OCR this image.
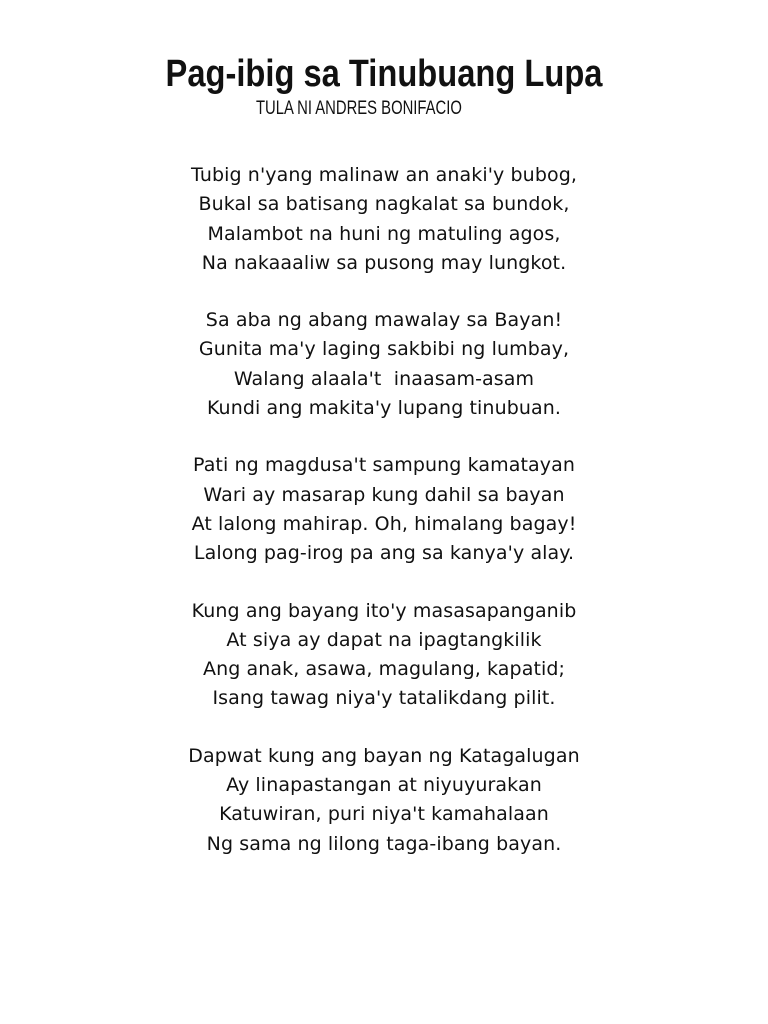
Pag-ibig sa Tinubuang Lupa
TULA NI ANDRES BONIFACIO
Tubig n'yang malinaw an anaki'y bubog,
Bukal sa batisang nagkalat sa bundok,
Malambot na huni ng matuling agos,
Na nakaaaliw sa pusong may lungkot.
Sa aba ng abang mawalay sa Bayan!
Gunita ma'y laging sakbibi ng lumbay,
Walang alaala't  inaasam-asam
Kundi ang makita'y lupang tinubuan.
Pati ng magdusa't sampung kamatayan
Wari ay masarap kung dahil sa bayan
At lalong mahirap. Oh, himalang bagay!
Lalong pag-irog pa ang sa kanya'y alay.
Kung ang bayang ito'y masasapanganib
At siya ay dapat na ipagtangkilik
Ang anak, asawa, magulang, kapatid;
Isang tawag niya'y tatalikdang pilit.
Dapwat kung ang bayan ng Katagalugan
Ay linapastangan at niyuyurakan
Katuwiran, puri niya't kamahalaan
Ng sama ng lilong taga-ibang bayan.
